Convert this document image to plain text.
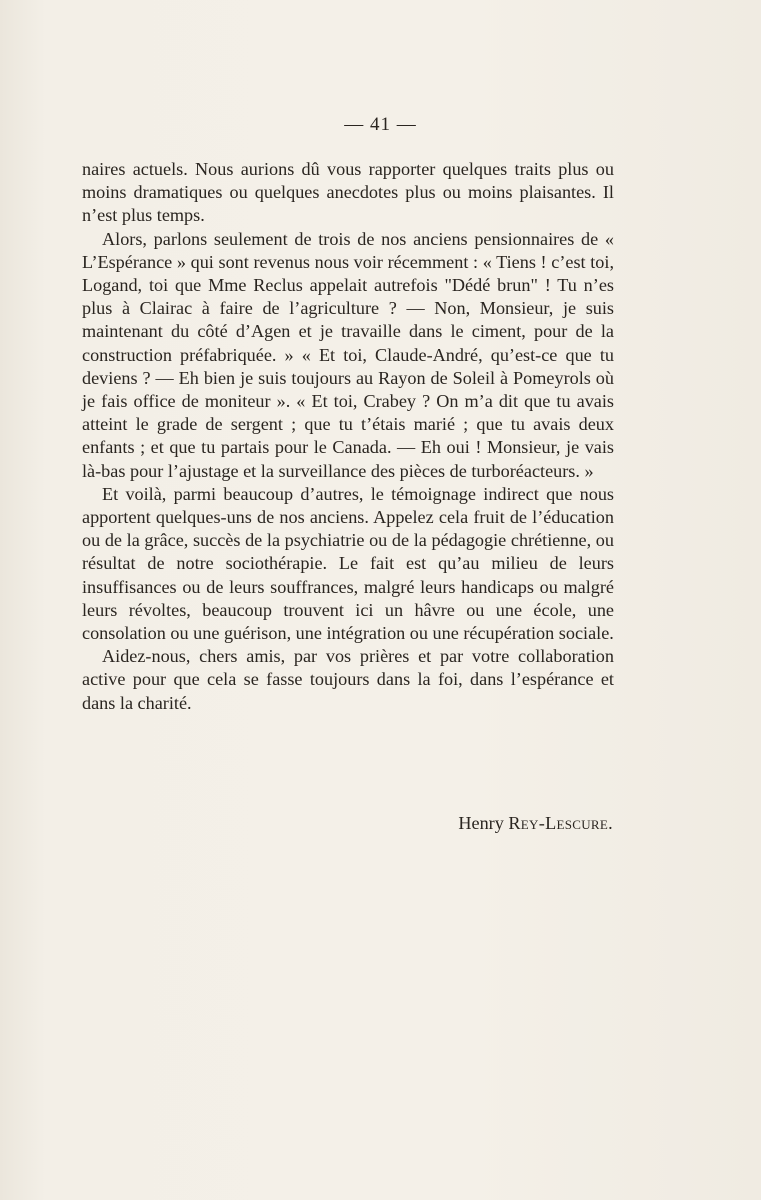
— 41 —

naires actuels. Nous aurions dû vous rapporter quelques traits plus ou moins dramatiques ou quelques anecdotes plus ou moins plaisantes. Il n’est plus temps.

Alors, parlons seulement de trois de nos anciens pensionnaires de « L’Espérance » qui sont revenus nous voir récemment : « Tiens ! c’est toi, Logand, toi que Mme Reclus appelait autrefois "Dédé brun" ! Tu n’es plus à Clairac à faire de l’agriculture ? — Non, Monsieur, je suis maintenant du côté d’Agen et je travaille dans le ciment, pour de la construction préfabriquée. » « Et toi, Claude-André, qu’est-ce que tu deviens ? — Eh bien je suis toujours au Rayon de Soleil à Pomeyrols où je fais office de moniteur ». « Et toi, Crabey ? On m’a dit que tu avais atteint le grade de sergent ; que tu t’étais marié ; que tu avais deux enfants ; et que tu partais pour le Canada. — Eh oui ! Monsieur, je vais là-bas pour l’ajustage et la surveillance des pièces de turboréacteurs. »

Et voilà, parmi beaucoup d’autres, le témoignage indirect que nous apportent quelques-uns de nos anciens. Appelez cela fruit de l’éducation ou de la grâce, succès de la psychiatrie ou de la pédagogie chrétienne, ou résultat de notre sociothérapie. Le fait est qu’au milieu de leurs insuffisances ou de leurs souffrances, malgré leurs handicaps ou malgré leurs révoltes, beaucoup trouvent ici un hâvre ou une école, une consolation ou une guérison, une intégration ou une récupération sociale.

Aidez-nous, chers amis, par vos prières et par votre collaboration active pour que cela se fasse toujours dans la foi, dans l’espérance et dans la charité.

Henry Rey-Lescure.
